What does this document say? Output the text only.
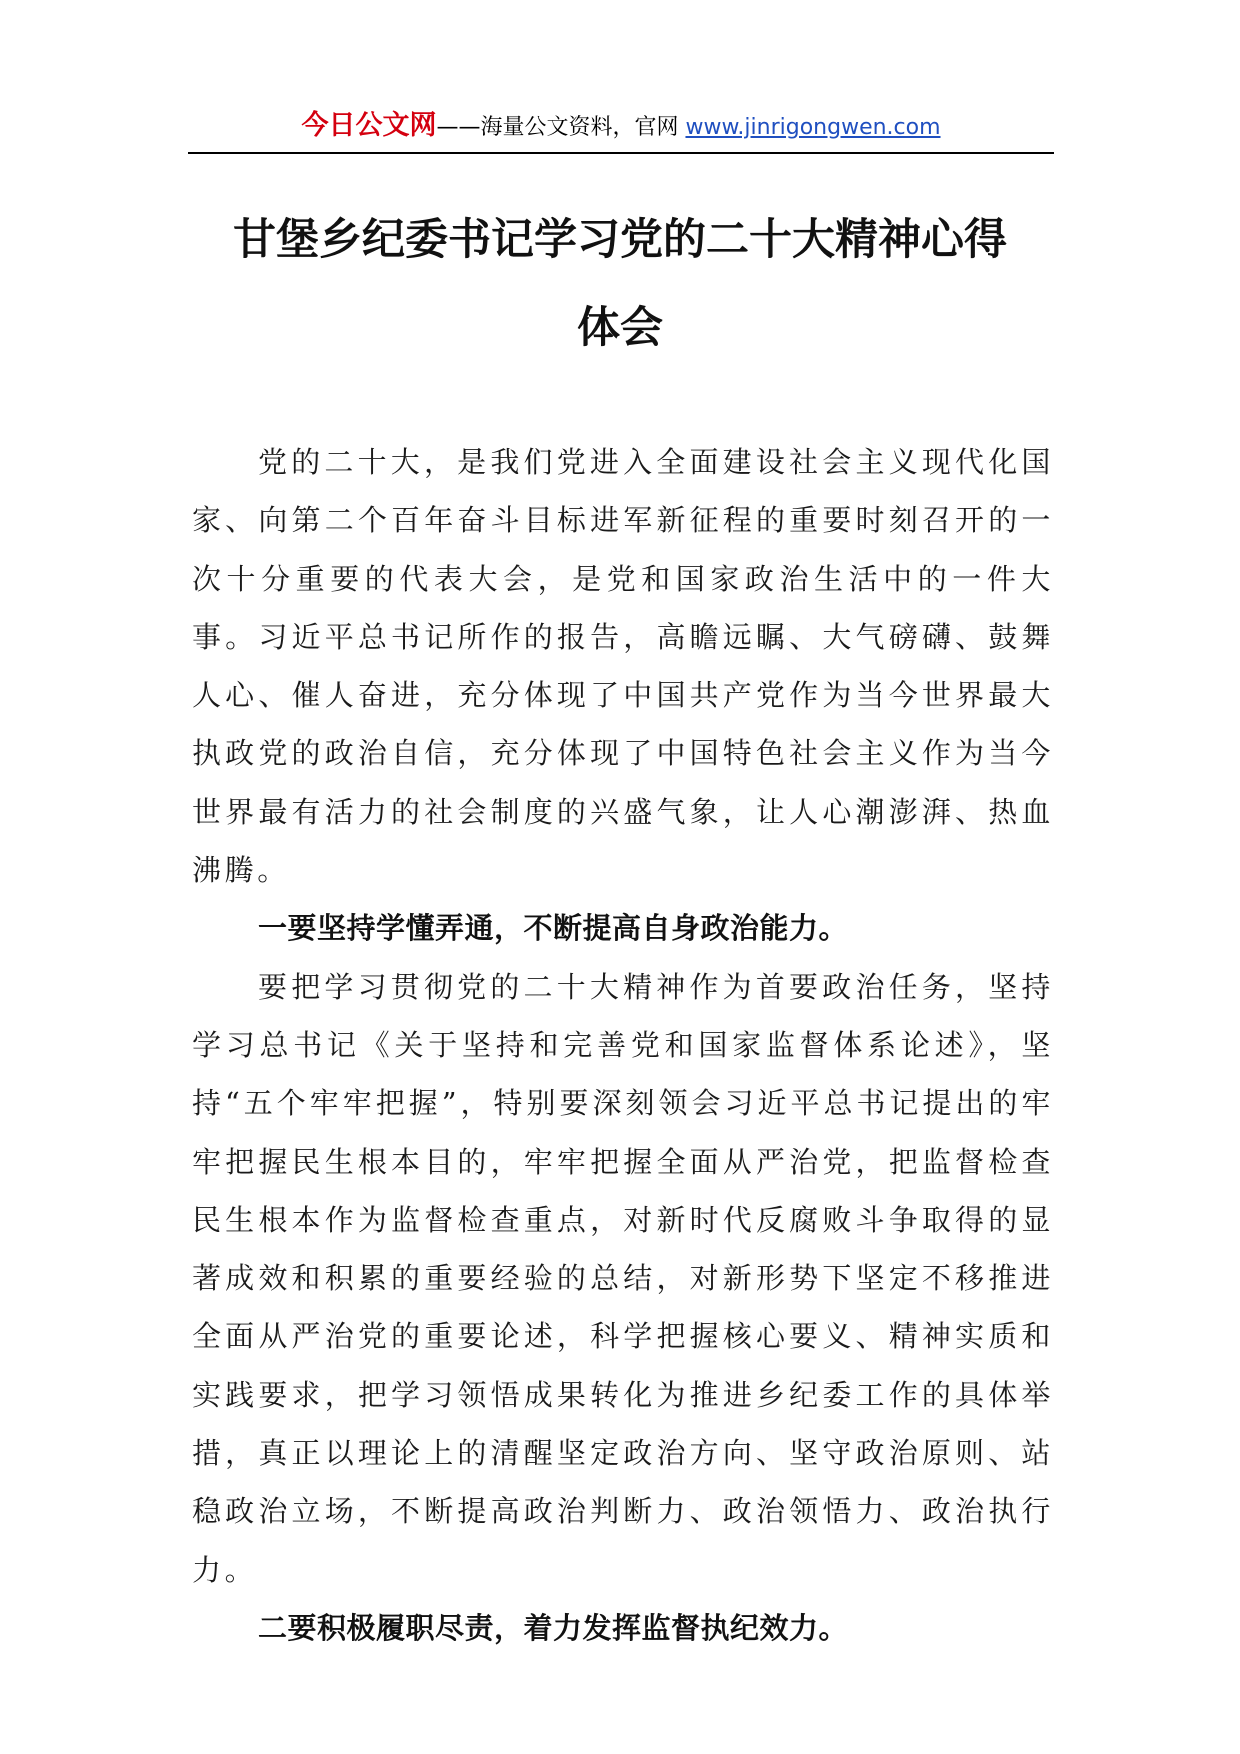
今日公文网——海量公文资料，官网 www.jinrigongwen.com
甘堡乡纪委书记学习党的二十大精神心得
体会

党的二十大，是我们党进入全面建设社会主义现代化国家、向第二个百年奋斗目标进军新征程的重要时刻召开的一次十分重要的代表大会，是党和国家政治生活中的一件大事。习近平总书记所作的报告，高瞻远瞩、大气磅礴、鼓舞人心、催人奋进，充分体现了中国共产党作为当今世界最大执政党的政治自信，充分体现了中国特色社会主义作为当今世界最有活力的社会制度的兴盛气象，让人心潮澎湃、热血沸腾。

一要坚持学懂弄通，不断提高自身政治能力。

要把学习贯彻党的二十大精神作为首要政治任务，坚持学习总书记《关于坚持和完善党和国家监督体系论述》，坚持“五个牢牢把握”，特别要深刻领会习近平总书记提出的牢牢把握民生根本目的，牢牢把握全面从严治党，把监督检查民生根本作为监督检查重点，对新时代反腐败斗争取得的显著成效和积累的重要经验的总结，对新形势下坚定不移推进全面从严治党的重要论述，科学把握核心要义、精神实质和实践要求，把学习领悟成果转化为推进乡纪委工作的具体举措，真正以理论上的清醒坚定政治方向、坚守政治原则、站稳政治立场，不断提高政治判断力、政治领悟力、政治执行力。

二要积极履职尽责，着力发挥监督执纪效力。
